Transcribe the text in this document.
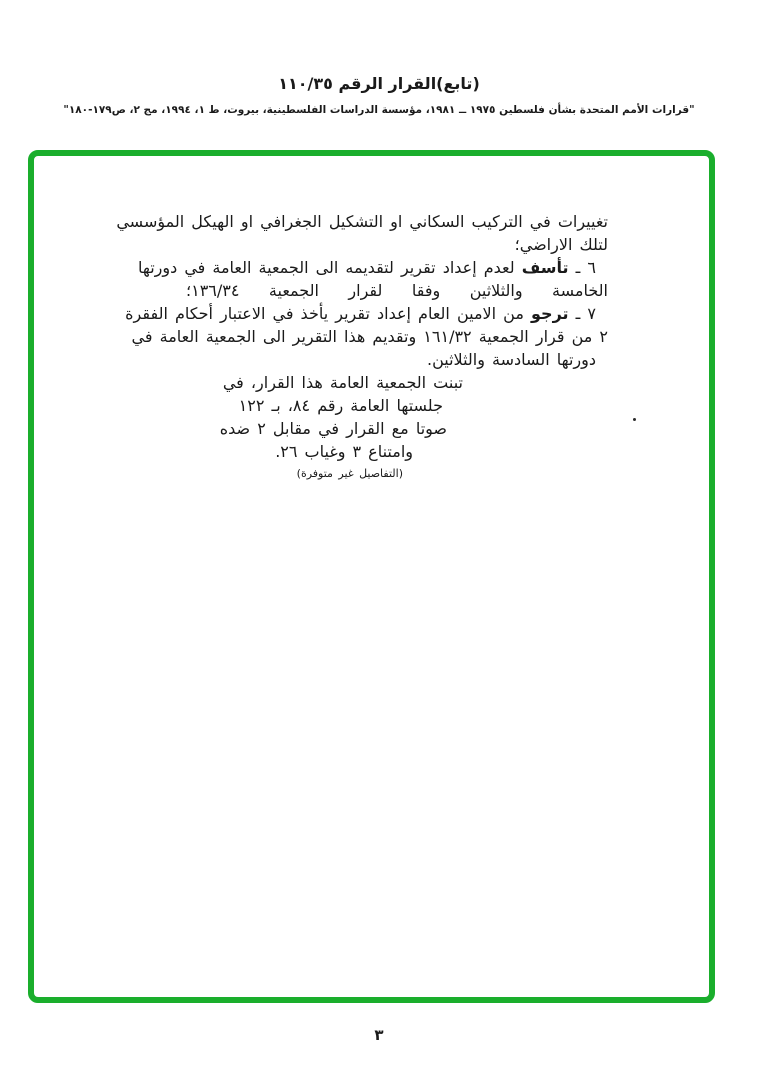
(تابع)القرار الرقم ١١٠/٣٥
"قرارات الأمم المتحدة بشأن فلسطين ١٩٧٥ ــ ١٩٨١، مؤسسة الدراسات الفلسطينية، بيروت، ط ١، ١٩٩٤، مج ٢، ص١٧٩-١٨٠"
تغييرات في التركيب السكاني او التشكيل الجغرافي او الهيكل المؤسسي
لتلك الاراضي؛
٦ ـ تأسف لعدم إعداد تقرير لتقديمه الى الجمعية العامة في دورتها
الخامسة والثلاثين وفقا لقرار الجمعية ١٣٦/٣٤؛
٧ ـ ترجو من الامين العام إعداد تقرير يأخذ في الاعتبار أحكام الفقرة
٢ من قرار الجمعية ١٦١/٣٢ وتقديم هذا التقرير الى الجمعية العامة في
دورتها السادسة والثلاثين.
تبنت الجمعية العامة هذا القرار، في
جلستها العامة رقم ٨٤، بـ ١٢٢
صوتا مع القرار في مقابل ٢ ضده
وامتناع ٣ وغياب ٢٦.
(التفاصيل غير متوفرة)
٣
